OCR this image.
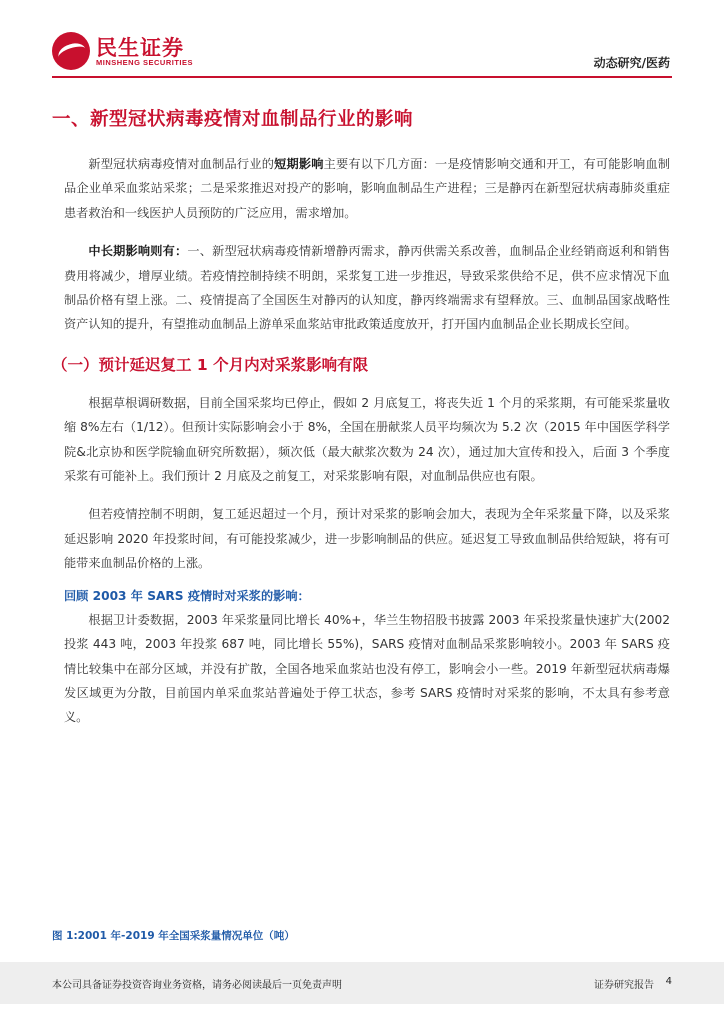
民生证券
MINSHENG SECURITIES	动态研究/医药
一、新型冠状病毒疫情对血制品行业的影响

新型冠状病毒疫情对血制品行业的短期影响主要有以下几方面：一是疫情影响交通和开工，有可能影响血制品企业单采血浆站采浆；二是采浆推迟对投产的影响，影响血制品生产进程；三是静丙在新型冠状病毒肺炎重症患者救治和一线医护人员预防的广泛应用，需求增加。

中长期影响则有：一、新型冠状病毒疫情新增静丙需求，静丙供需关系改善，血制品企业经销商返利和销售费用将减少，增厚业绩。若疫情控制持续不明朗，采浆复工进一步推迟，导致采浆供给不足，供不应求情况下血制品价格有望上涨。二、疫情提高了全国医生对静丙的认知度，静丙终端需求有望释放。三、血制品国家战略性资产认知的提升，有望推动血制品上游单采血浆站审批政策适度放开，打开国内血制品企业长期成长空间。

（一）预计延迟复工 1 个月内对采浆影响有限

根据草根调研数据，目前全国采浆均已停止，假如 2 月底复工，将丧失近 1 个月的采浆期，有可能采浆量收缩 8%左右（1/12）。但预计实际影响会小于 8%，全国在册献浆人员平均频次为 5.2 次（2015 年中国医学科学院&北京协和医学院输血研究所数据），频次低（最大献浆次数为 24 次），通过加大宣传和投入，后面 3 个季度采浆有可能补上。我们预计 2 月底及之前复工，对采浆影响有限，对血制品供应也有限。

但若疫情控制不明朗，复工延迟超过一个月，预计对采浆的影响会加大，表现为全年采浆量下降，以及采浆延迟影响 2020 年投浆时间，有可能投浆减少，进一步影响制品的供应。延迟复工导致血制品供给短缺，将有可能带来血制品价格的上涨。

回顾 2003 年 SARS 疫情时对采浆的影响：

根据卫计委数据，2003 年采浆量同比增长 40%+，华兰生物招股书披露 2003 年采投浆量快速扩大(2002 投浆 443 吨，2003 年投浆 687 吨，同比增长 55%)，SARS 疫情对血制品采浆影响较小。2003 年 SARS 疫情比较集中在部分区域，并没有扩散，全国各地采血浆站也没有停工，影响会小一些。2019 年新型冠状病毒爆发区域更为分散，目前国内单采血浆站普遍处于停工状态，参考 SARS 疫情时对采浆的影响，不太具有参考意义。

图 1:2001 年-2019 年全国采浆量情况单位（吨）
本公司具备证券投资咨询业务资格，请务必阅读最后一页免责声明	证券研究报告 4
